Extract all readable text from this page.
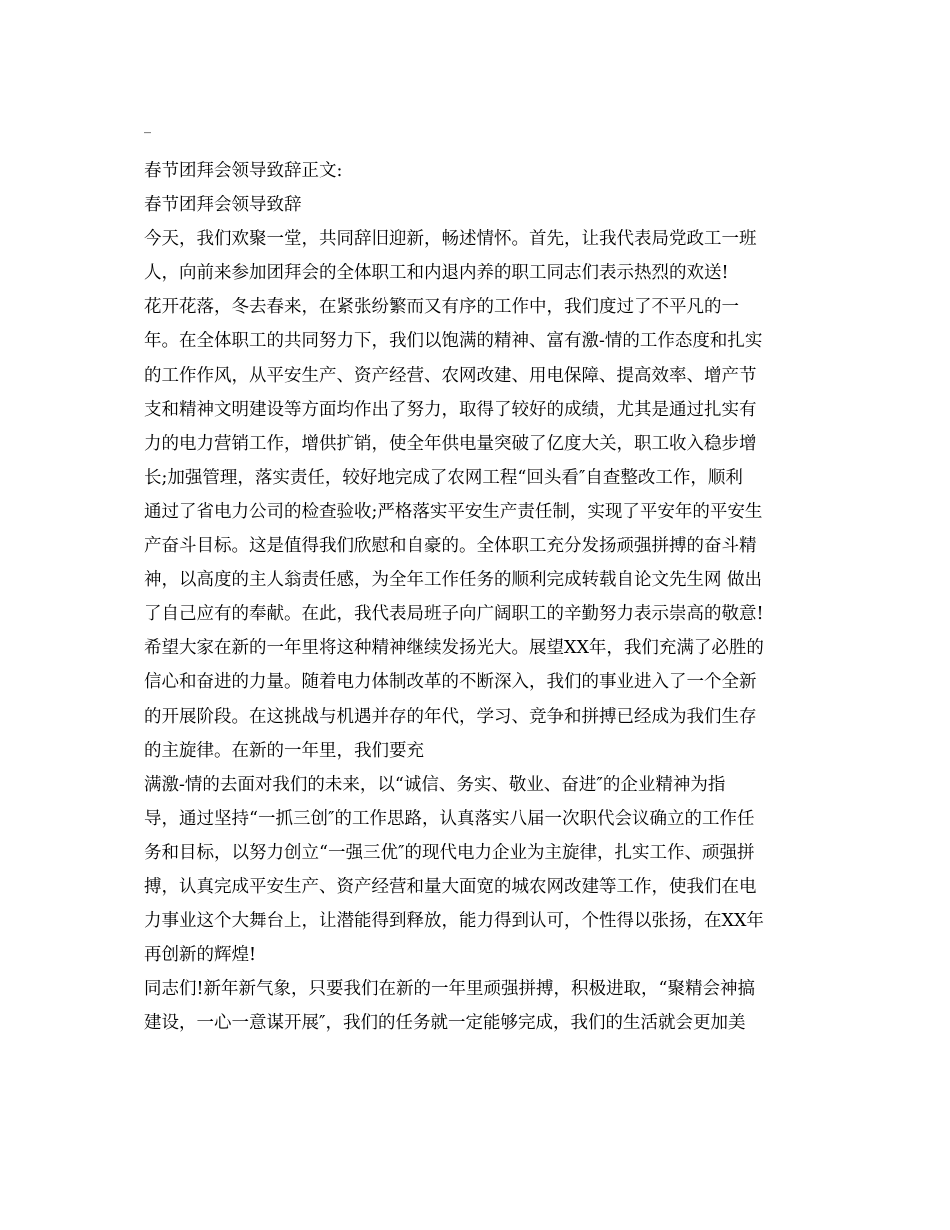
_
春节团拜会领导致辞正文:
春节团拜会领导致辞
今天，我们欢聚一堂，共同辞旧迎新，畅述情怀。首先，让我代表局党政工一班
人，向前来参加团拜会的全体职工和内退内养的职工同志们表示热烈的欢送!
花开花落，冬去春来，在紧张纷繁而又有序的工作中，我们度过了不平凡的一
年。在全体职工的共同努力下，我们以饱满的精神、富有激-情的工作态度和扎实
的工作作风，从平安生产、资产经营、农网改建、用电保障、提高效率、增产节
支和精神文明建设等方面均作出了努力，取得了较好的成绩，尤其是通过扎实有
力的电力营销工作，增供扩销，使全年供电量突破了亿度大关，职工收入稳步增
长;加强管理，落实责任，较好地完成了农网工程“回头看″自查整改工作，顺利
通过了省电力公司的检查验收;严格落实平安生产责任制，实现了平安年的平安生
产奋斗目标。这是值得我们欣慰和自豪的。全体职工充分发扬顽强拼搏的奋斗精
神，以高度的主人翁责任感，为全年工作任务的顺利完成转载自论文先生网 做出
了自己应有的奉献。在此，我代表局班子向广阔职工的辛勤努力表示崇高的敬意!
希望大家在新的一年里将这种精神继续发扬光大。展望XX年，我们充满了必胜的
信心和奋进的力量。随着电力体制改革的不断深入，我们的事业进入了一个全新
的开展阶段。在这挑战与机遇并存的年代，学习、竞争和拼搏已经成为我们生存
的主旋律。在新的一年里，我们要充
满激-情的去面对我们的未来，以“诚信、务实、敬业、奋进″的企业精神为指
导，通过坚持“一抓三创″的工作思路，认真落实八届一次职代会议确立的工作任
务和目标，以努力创立“一强三优″的现代电力企业为主旋律，扎实工作、顽强拼
搏，认真完成平安生产、资产经营和量大面宽的城农网改建等工作，使我们在电
力事业这个大舞台上，让潜能得到释放，能力得到认可，个性得以张扬，在XX年
再创新的辉煌!
同志们!新年新气象，只要我们在新的一年里顽强拼搏，积极进取，“聚精会神搞
建设，一心一意谋开展″，我们的任务就一定能够完成，我们的生活就会更加美
